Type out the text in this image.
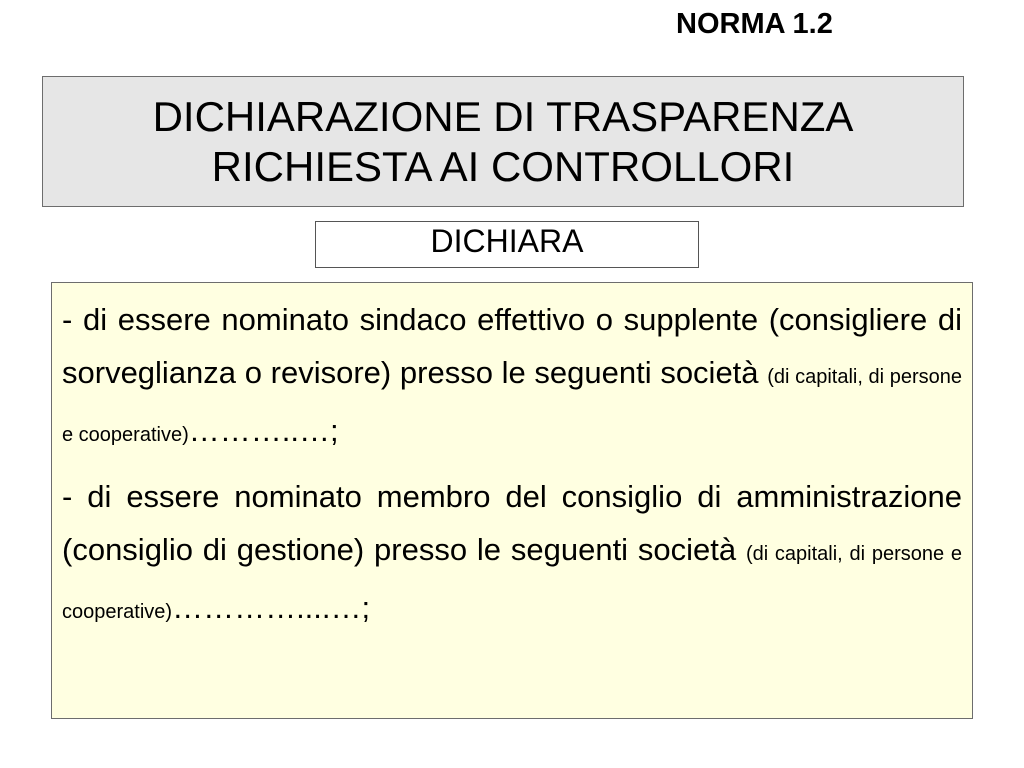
NORMA 1.2
DICHIARAZIONE DI TRASPARENZA
RICHIESTA AI CONTROLLORI
DICHIARA

- di essere nominato sindaco effettivo o supplente (consigliere di sorveglianza o revisore) presso le seguenti società (di capitali, di persone e cooperative)………..…;

- di essere nominato membro del consiglio di amministrazione (consiglio di gestione) presso le seguenti società (di capitali, di persone e cooperative)…………....…;
